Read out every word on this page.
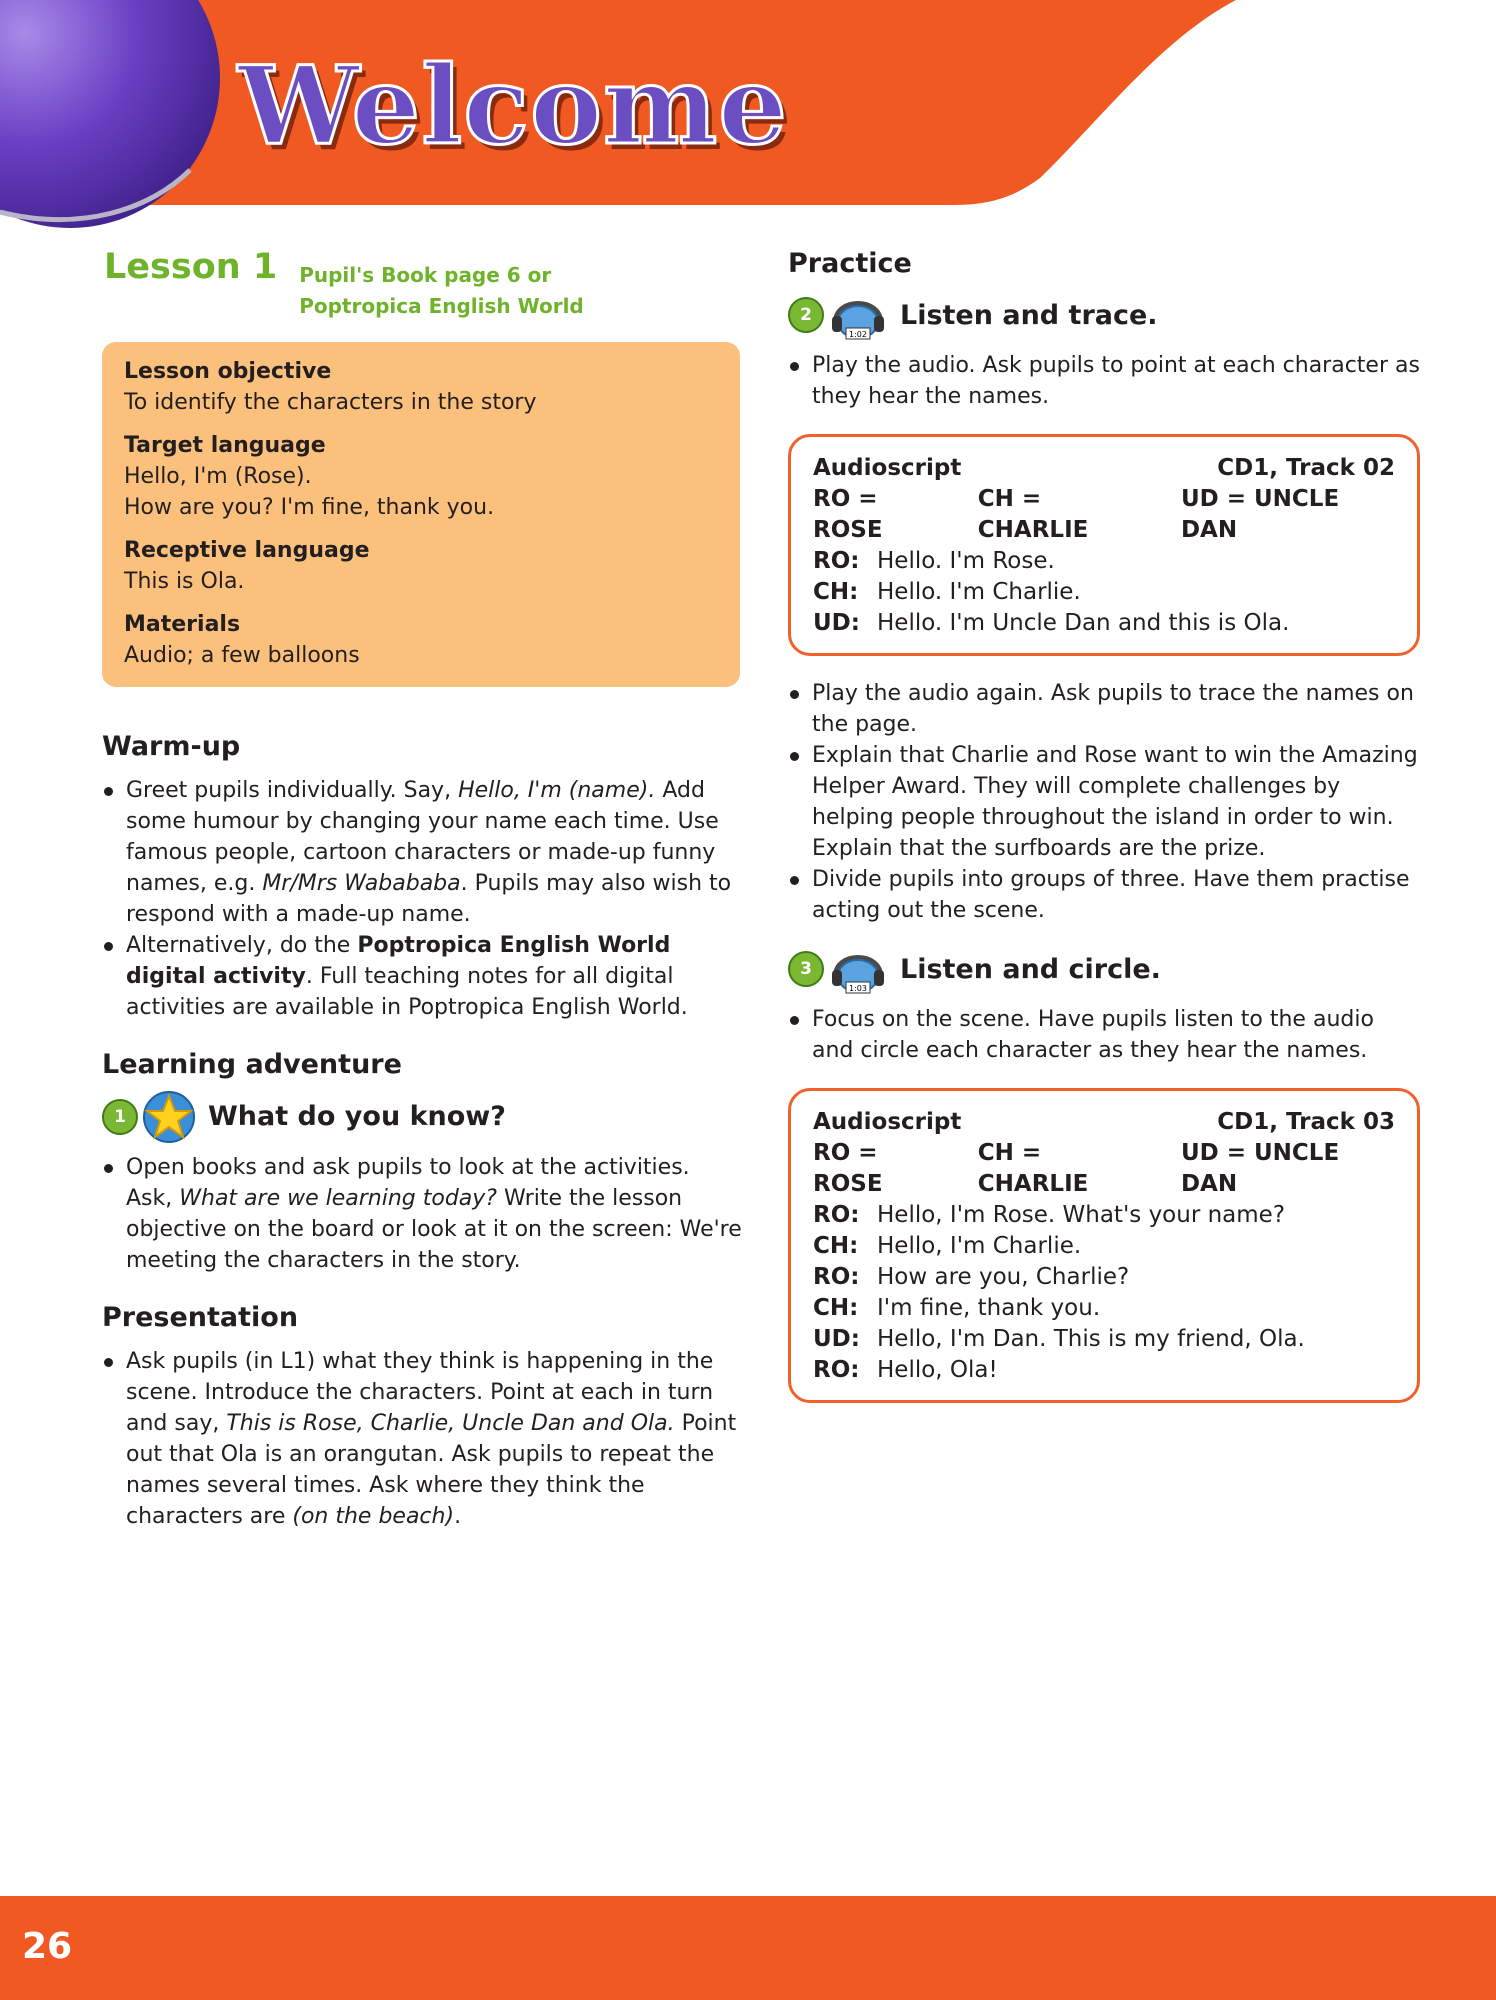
Welcome
Lesson 1 Pupil's Book page 6 or
Poptropica English World
Lesson objective
To identify the characters in the story
Target language
Hello, I'm (Rose).
How are you? I'm fine, thank you.
Receptive language
This is Ola.
Materials
Audio; a few balloons
Warm-up
Greet pupils individually. Say, Hello, I'm (name). Add some humour by changing your name each time. Use famous people, cartoon characters or made-up funny names, e.g. Mr/Mrs Wabababa. Pupils may also wish to respond with a made-up name.
Alternatively, do the Poptropica English World digital activity. Full teaching notes for all digital activities are available in Poptropica English World.
Learning adventure
1	What do you know?
Open books and ask pupils to look at the activities. Ask, What are we learning today? Write the lesson objective on the board or look at it on the screen: We're meeting the characters in the story.
Presentation
Ask pupils (in L1) what they think is happening in the scene. Introduce the characters. Point at each in turn and say, This is Rose, Charlie, Uncle Dan and Ola. Point out that Ola is an orangutan. Ask pupils to repeat the names several times. Ask where they think the characters are (on the beach).
Practice
2
1:02
Listen and trace.
Play the audio. Ask pupils to point at each character as they hear the names.
Audioscript	CD1, Track 02
RO = ROSE
CH = CHARLIE
UD = UNCLE DAN
RO: Hello. I'm Rose.
CH: Hello. I'm Charlie.
UD: Hello. I'm Uncle Dan and this is Ola.
Play the audio again. Ask pupils to trace the names on the page.
Explain that Charlie and Rose want to win the Amazing Helper Award. They will complete challenges by helping people throughout the island in order to win. Explain that the surfboards are the prize.
Divide pupils into groups of three. Have them practise acting out the scene.
3
1:03
Listen and circle.
Focus on the scene. Have pupils listen to the audio and circle each character as they hear the names.
Audioscript	CD1, Track 03
RO = ROSE
CH = CHARLIE
UD = UNCLE DAN
RO: Hello, I'm Rose. What's your name?
CH: Hello, I'm Charlie.
RO: How are you, Charlie?
CH: I'm fine, thank you.
UD: Hello, I'm Dan. This is my friend, Ola.
RO: Hello, Ola!
26
